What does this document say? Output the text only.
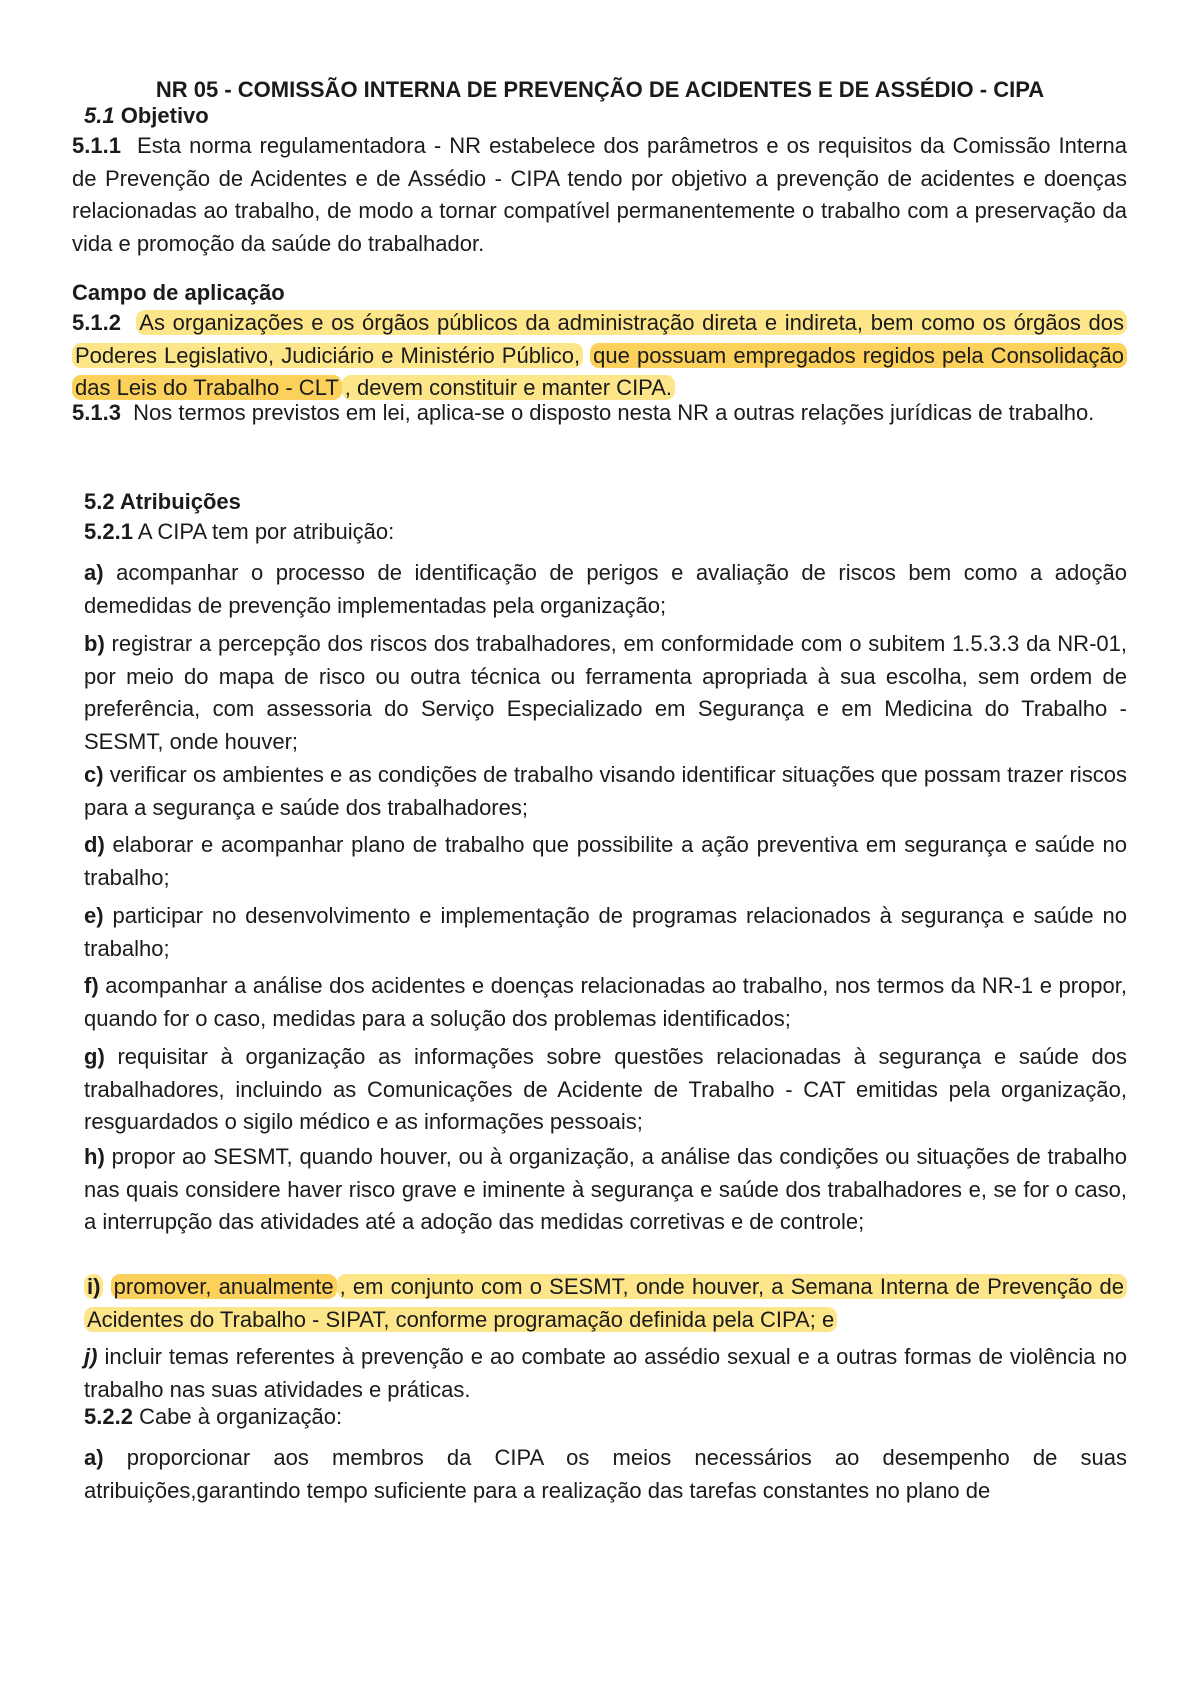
NR 05 - COMISSÃO INTERNA DE PREVENÇÃO DE ACIDENTES E DE ASSÉDIO - CIPA
5.1 Objetivo
5.1.1 Esta norma regulamentadora - NR estabelece dos parâmetros e os requisitos da Comissão Interna de Prevenção de Acidentes e de Assédio - CIPA tendo por objetivo a prevenção de acidentes e doenças relacionadas ao trabalho, de modo a tornar compatível permanentemente o trabalho com a preservação da vida e promoção da saúde do trabalhador.
Campo de aplicação
5.1.2 As organizações e os órgãos públicos da administração direta e indireta, bem como os órgãos dos Poderes Legislativo, Judiciário e Ministério Público, que possuam empregados regidos pela Consolidação das Leis do Trabalho - CLT , devem constituir e manter CIPA.
5.1.3 Nos termos previstos em lei, aplica-se o disposto nesta NR a outras relações jurídicas de trabalho.
5.2 Atribuições
5.2.1 A CIPA tem por atribuição:
a) acompanhar o processo de identificação de perigos e avaliação de riscos bem como a adoção demedidas de prevenção implementadas pela organização;
b) registrar a percepção dos riscos dos trabalhadores, em conformidade com o subitem 1.5.3.3 da NR-01, por meio do mapa de risco ou outra técnica ou ferramenta apropriada à sua escolha, sem ordem de preferência, com assessoria do Serviço Especializado em Segurança e em Medicina do Trabalho - SESMT, onde houver;
c) verificar os ambientes e as condições de trabalho visando identificar situações que possam trazer riscos para a segurança e saúde dos trabalhadores;
d) elaborar e acompanhar plano de trabalho que possibilite a ação preventiva em segurança e saúde no trabalho;
e) participar no desenvolvimento e implementação de programas relacionados à segurança e saúde no trabalho;
f) acompanhar a análise dos acidentes e doenças relacionadas ao trabalho, nos termos da NR-1 e propor, quando for o caso, medidas para a solução dos problemas identificados;
g) requisitar à organização as informações sobre questões relacionadas à segurança e saúde dos trabalhadores, incluindo as Comunicações de Acidente de Trabalho - CAT emitidas pela organização, resguardados o sigilo médico e as informações pessoais;
h) propor ao SESMT, quando houver, ou à organização, a análise das condições ou situações de trabalho nas quais considere haver risco grave e iminente à segurança e saúde dos trabalhadores e, se for o caso, a interrupção das atividades até a adoção das medidas corretivas e de controle;
i) promover, anualmente , em conjunto com o SESMT, onde houver, a Semana Interna de Prevenção de Acidentes do Trabalho - SIPAT, conforme programação definida pela CIPA; e
j) incluir temas referentes à prevenção e ao combate ao assédio sexual e a outras formas de violência no trabalho nas suas atividades e práticas.
5.2.2 Cabe à organização:
a) proporcionar aos membros da CIPA os meios necessários ao desempenho de suas atribuições,garantindo tempo suficiente para a realização das tarefas constantes no plano de
